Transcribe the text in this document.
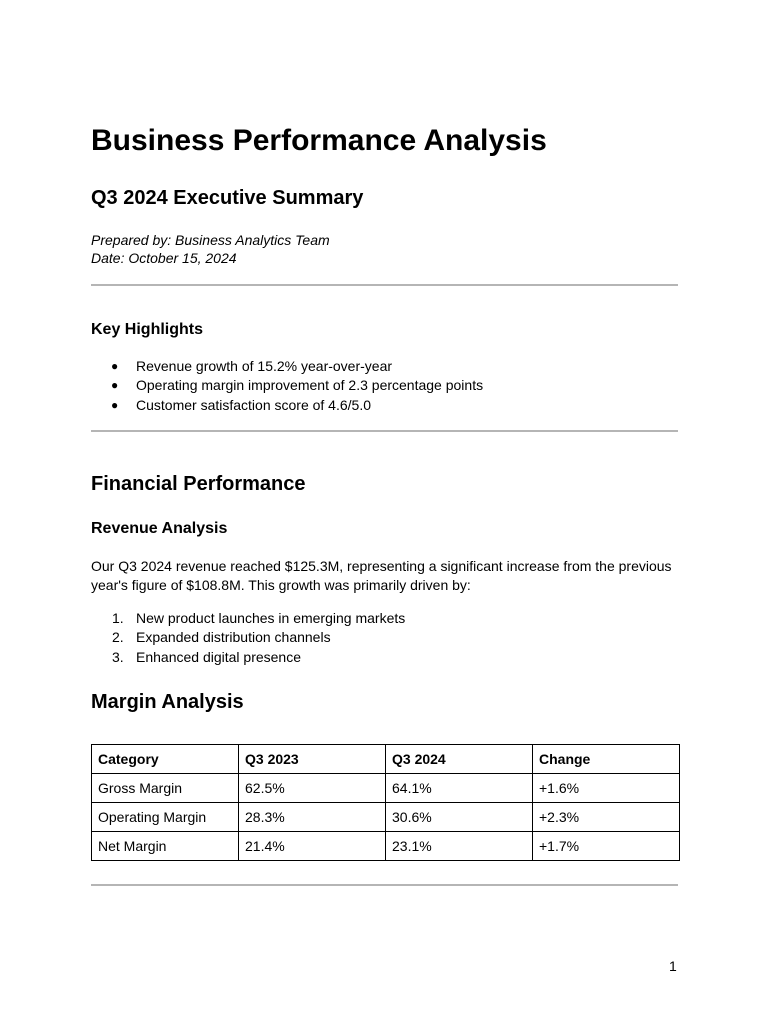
Business Performance Analysis
Q3 2024 Executive Summary
Prepared by: Business Analytics Team
Date: October 15, 2024
Key Highlights
● Revenue growth of 15.2% year-over-year
● Operating margin improvement of 2.3 percentage points
● Customer satisfaction score of 4.6/5.0
Financial Performance
Revenue Analysis
Our Q3 2024 revenue reached $125.3M, representing a significant increase from the previous year's figure of $108.8M. This growth was primarily driven by:
1. New product launches in emerging markets
2. Expanded distribution channels
3. Enhanced digital presence
Margin Analysis
Category	Q3 2023	Q3 2024	Change
Gross Margin	62.5%	64.1%	+1.6%
Operating Margin	28.3%	30.6%	+2.3%
Net Margin	21.4%	23.1%	+1.7%
1
